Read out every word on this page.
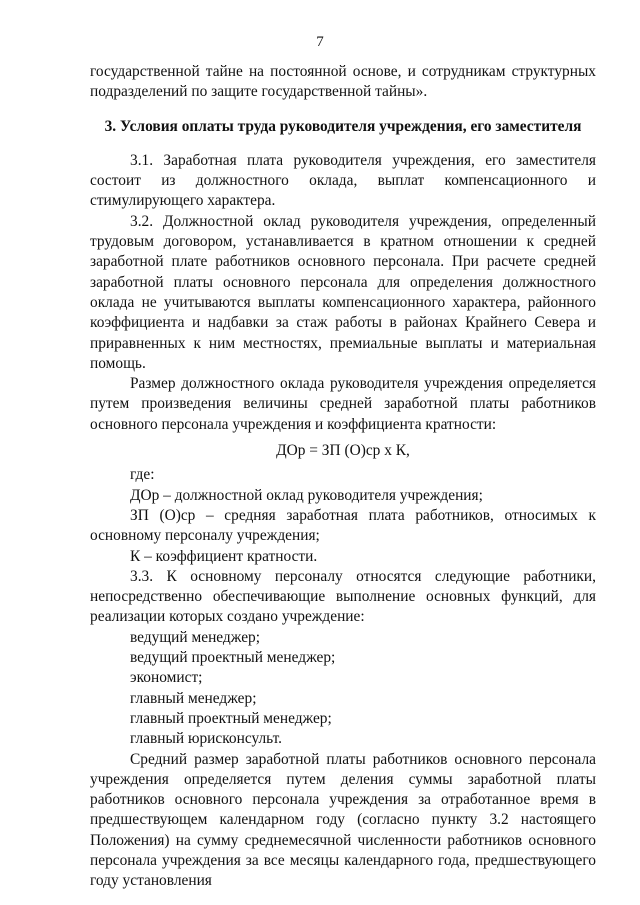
7

государственной тайне на постоянной основе, и сотрудникам структурных подразделений по защите государственной тайны».

3. Условия оплаты труда руководителя учреждения, его заместителя

3.1. Заработная плата руководителя учреждения, его заместителя состоит из должностного оклада, выплат компенсационного и стимулирующего характера.

3.2. Должностной оклад руководителя учреждения, определенный трудовым договором, устанавливается в кратном отношении к средней заработной плате работников основного персонала. При расчете средней заработной платы основного персонала для определения должностного оклада не учитываются выплаты компенсационного характера, районного коэффициента и надбавки за стаж работы в районах Крайнего Севера и приравненных к ним местностях, премиальные выплаты и материальная помощь.

Размер должностного оклада руководителя учреждения определяется путем произведения величины средней заработной платы работников основного персонала учреждения и коэффициента кратности:

ДОр = ЗП (О)ср х К,

где:

ДОр – должностной оклад руководителя учреждения;

ЗП (О)ср – средняя заработная плата работников, относимых к основному персоналу учреждения;

К – коэффициент кратности.

3.3. К основному персоналу относятся следующие работники, непосредственно обеспечивающие выполнение основных функций, для реализации которых создано учреждение:

ведущий менеджер;

ведущий проектный менеджер;

экономист;

главный менеджер;

главный проектный менеджер;

главный юрисконсульт.

Средний размер заработной платы работников основного персонала учреждения определяется путем деления суммы заработной платы работников основного персонала учреждения за отработанное время в предшествующем календарном году (согласно пункту 3.2 настоящего Положения) на сумму среднемесячной численности работников основного персонала учреждения за все месяцы календарного года, предшествующего году установления
